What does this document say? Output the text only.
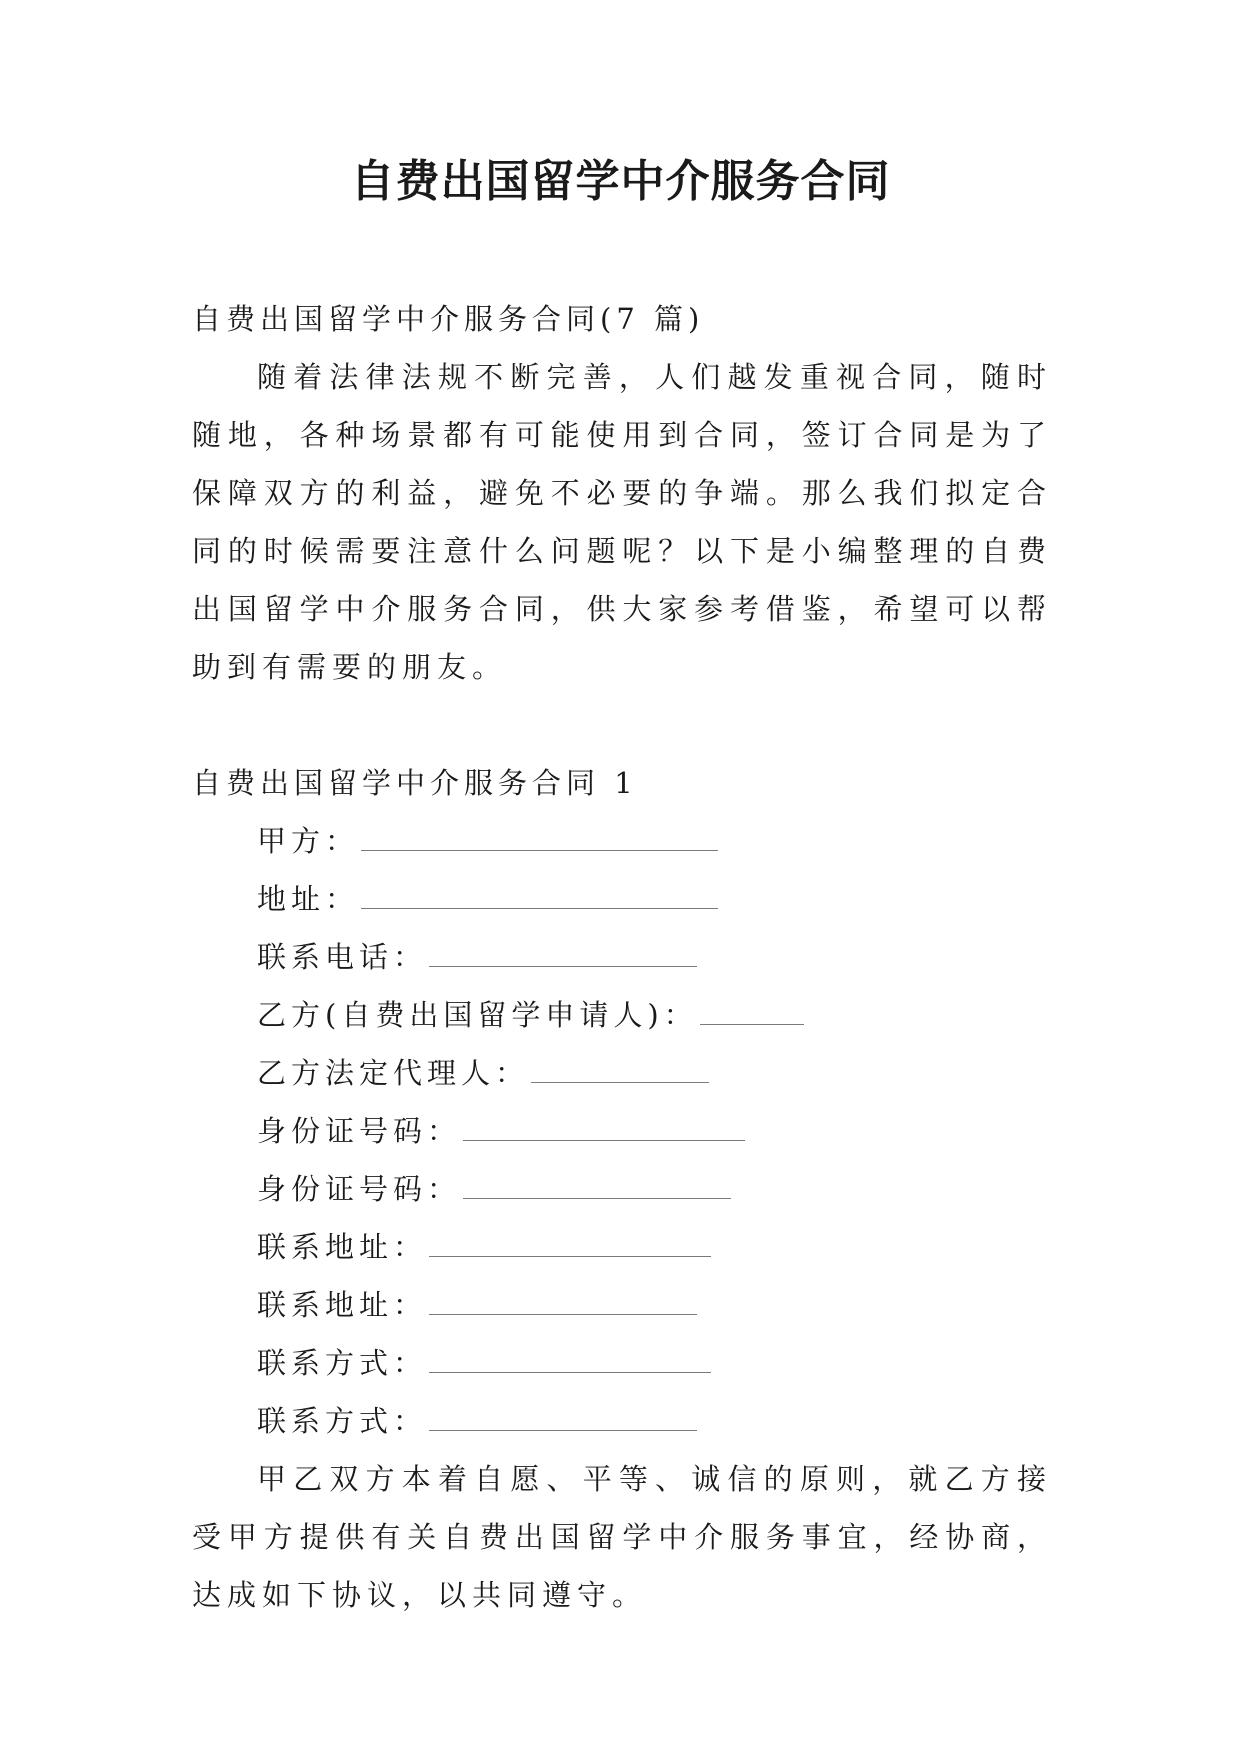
自费出国留学中介服务合同
自费出国留学中介服务合同(7 篇)
随着法律法规不断完善，人们越发重视合同，随时随地，各种场景都有可能使用到合同，签订合同是为了保障双方的利益，避免不必要的争端。那么我们拟定合同的时候需要注意什么问题呢？以下是小编整理的自费出国留学中介服务合同，供大家参考借鉴，希望可以帮助到有需要的朋友。
自费出国留学中介服务合同 1
甲方：
地址：
联系电话：
乙方(自费出国留学申请人)：
乙方法定代理人：
身份证号码：
身份证号码：
联系地址：
联系地址：
联系方式：
联系方式：
甲乙双方本着自愿、平等、诚信的原则，就乙方接受甲方提供有关自费出国留学中介服务事宜，经协商，达成如下协议，以共同遵守。
